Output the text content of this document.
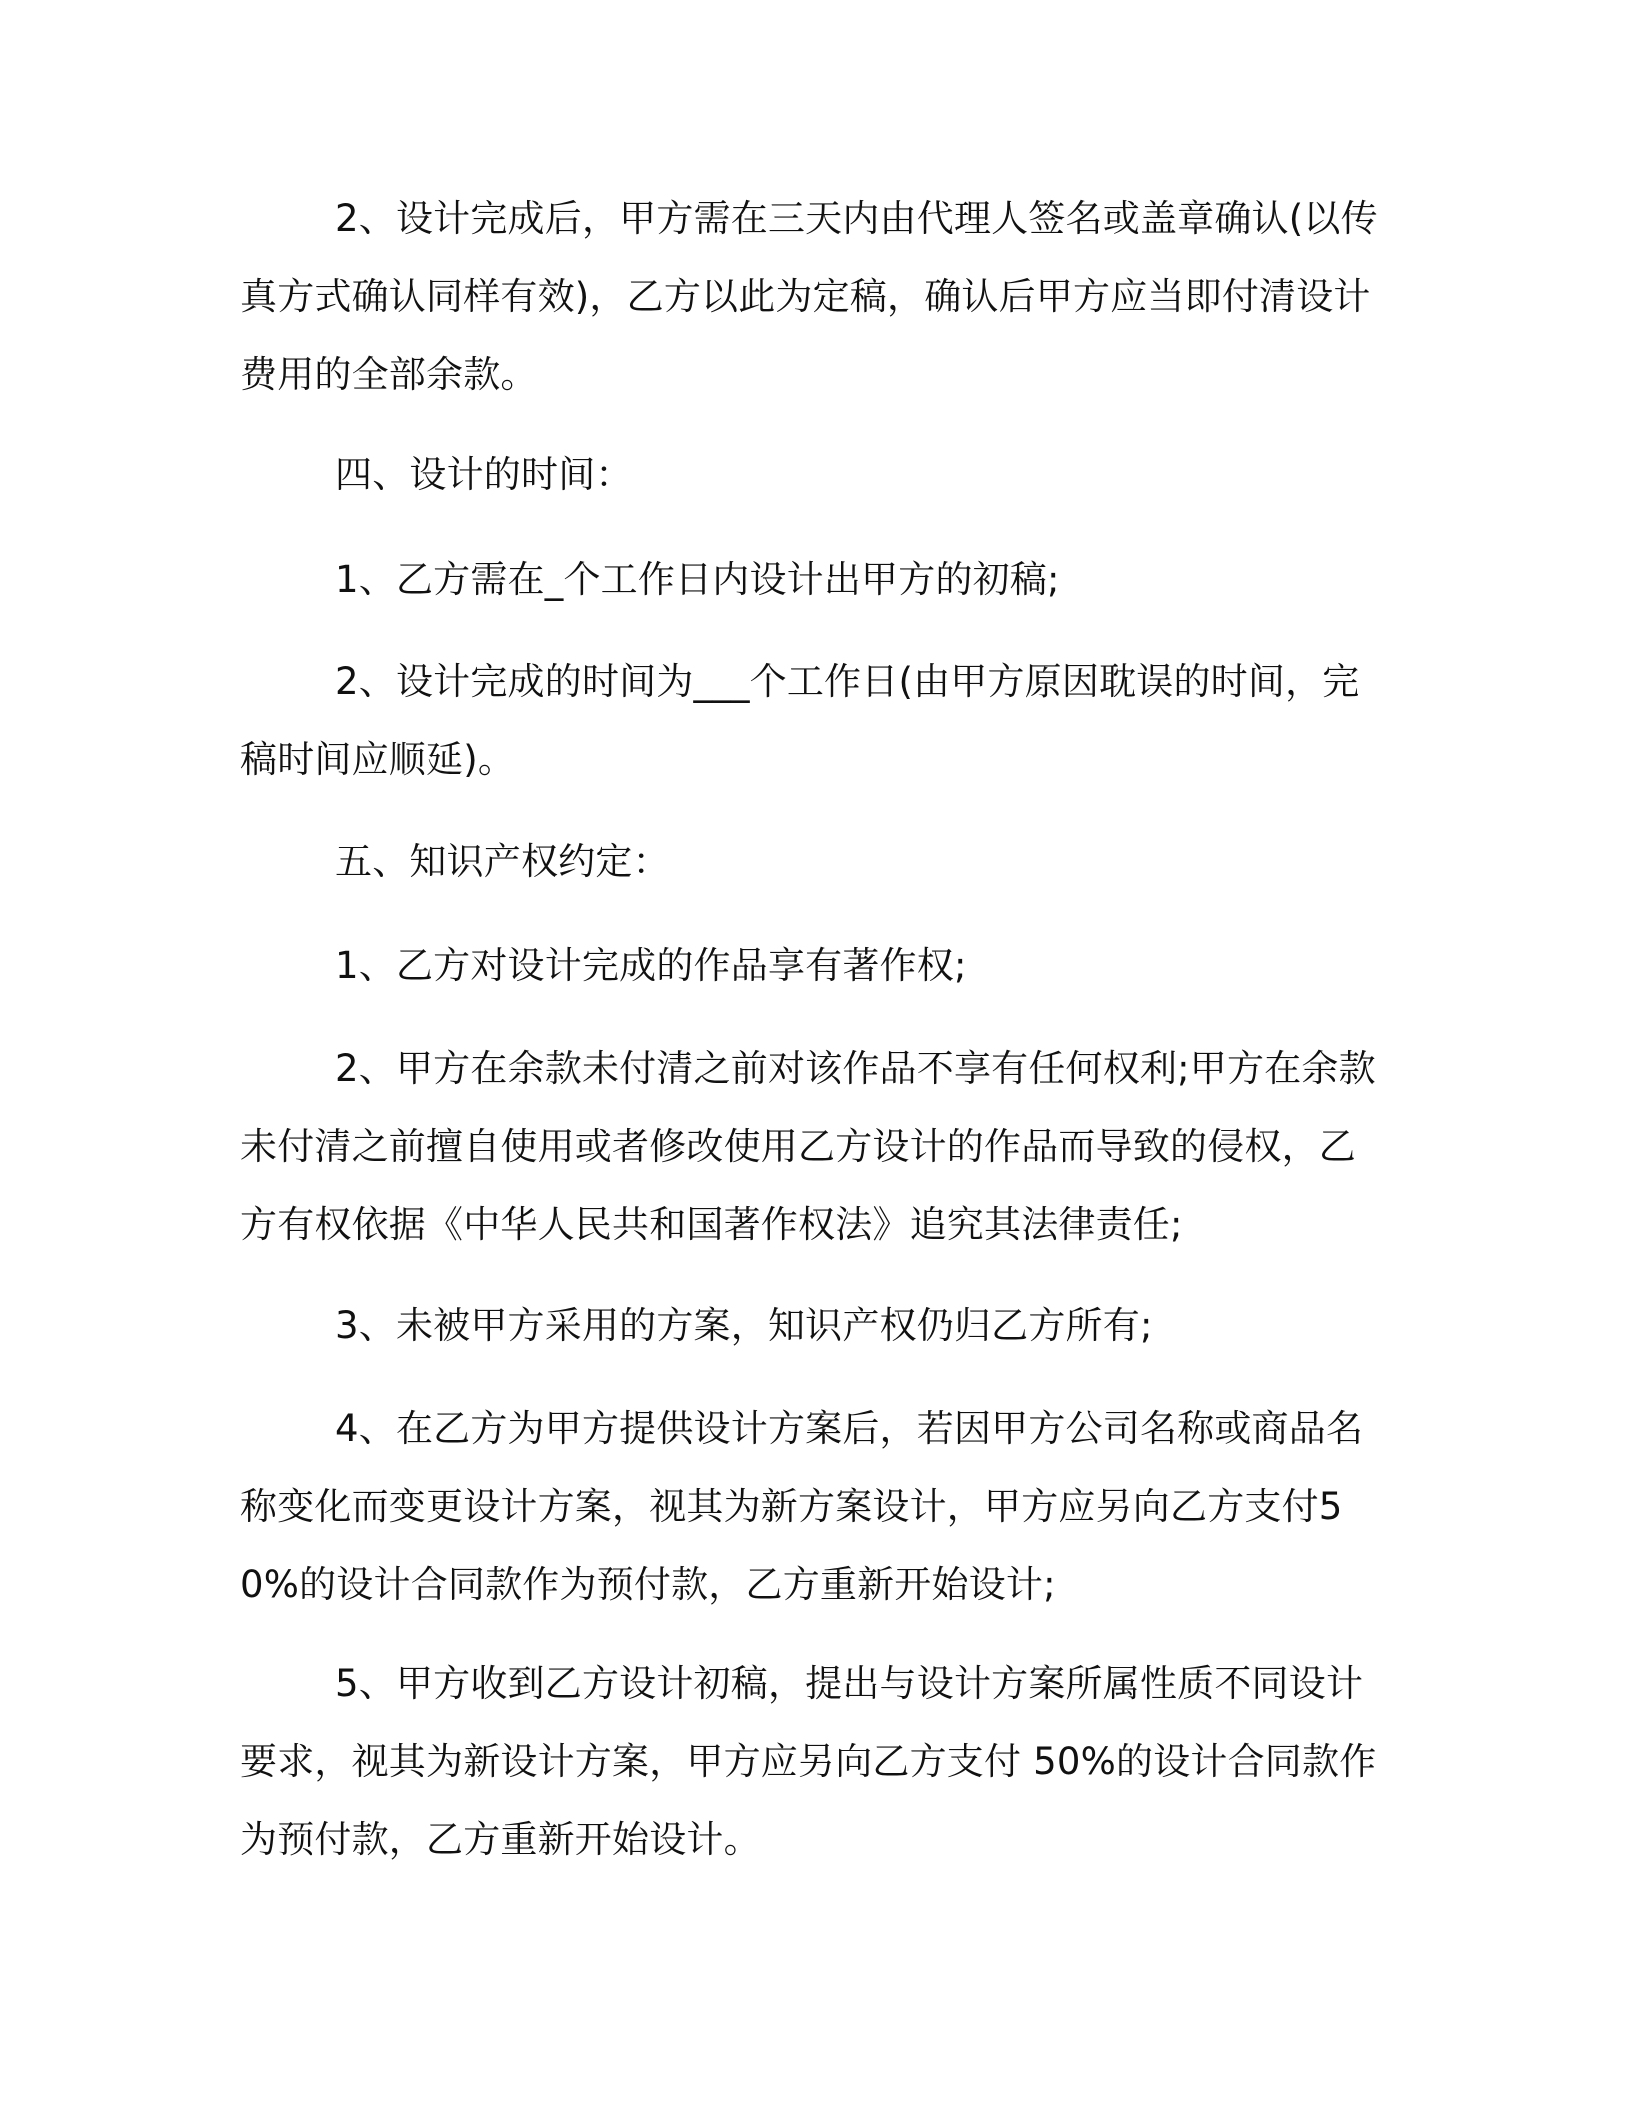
2、设计完成后，甲方需在三天内由代理人签名或盖章确认(以传真方式确认同样有效)，乙方以此为定稿，确认后甲方应当即付清设计费用的全部余款。

四、设计的时间：

1、乙方需在_个工作日内设计出甲方的初稿;

2、设计完成的时间为___个工作日(由甲方原因耽误的时间，完稿时间应顺延)。

五、知识产权约定：

1、乙方对设计完成的作品享有著作权;

2、甲方在余款未付清之前对该作品不享有任何权利;甲方在余款未付清之前擅自使用或者修改使用乙方设计的作品而导致的侵权，乙方有权依据《中华人民共和国著作权法》追究其法律责任;

3、未被甲方采用的方案，知识产权仍归乙方所有;

4、在乙方为甲方提供设计方案后，若因甲方公司名称或商品名称变化而变更设计方案，视其为新方案设计，甲方应另向乙方支付50%的设计合同款作为预付款，乙方重新开始设计;

5、甲方收到乙方设计初稿，提出与设计方案所属性质不同设计要求，视其为新设计方案，甲方应另向乙方支付 50%的设计合同款作为预付款，乙方重新开始设计。
